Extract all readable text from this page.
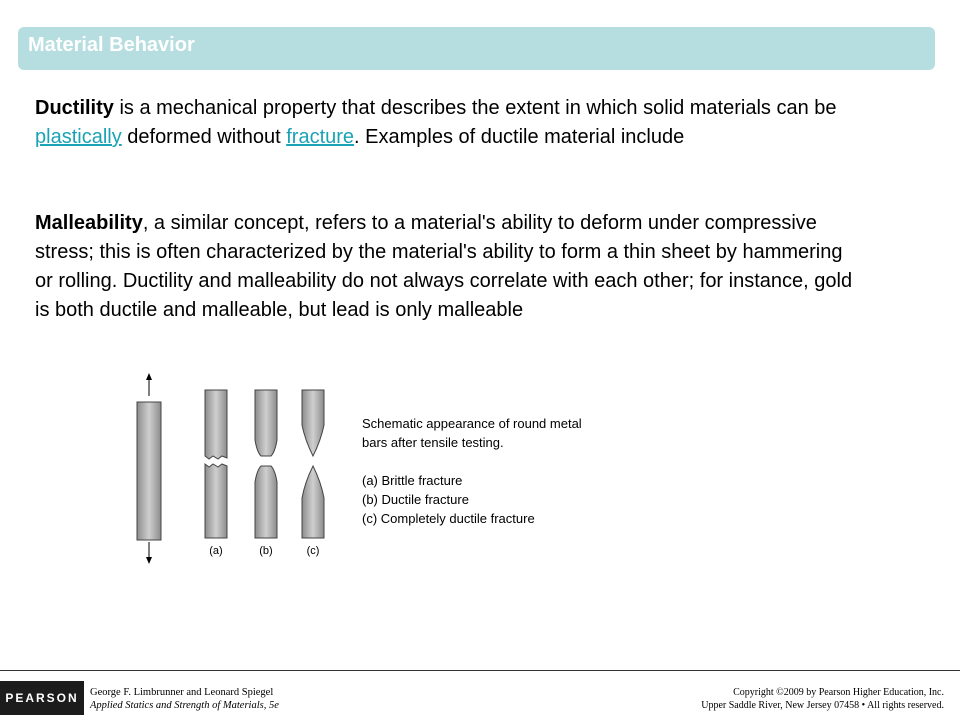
Material Behavior
Ductility is a mechanical property that describes the extent in which solid materials can be plastically deformed without fracture. Examples of ductile material include
Malleability, a similar concept, refers to a material's ability to deform under compressive stress; this is often characterized by the material's ability to form a thin sheet by hammering or rolling. Ductility and malleability do not always correlate with each other; for instance, gold is both ductile and malleable, but lead is only malleable
(a)	(b)	(c)
Schematic appearance of round metal
bars after tensile testing.
(a) Brittle fracture
(b) Ductile fracture
(c) Completely ductile fracture
PEARSON	George F. Limbrunner and Leonard Spiegel
Applied Statics and Strength of Materials, 5e
Copyright ©2009 by Pearson Higher Education, Inc.
Upper Saddle River, New Jersey 07458 • All rights reserved.
